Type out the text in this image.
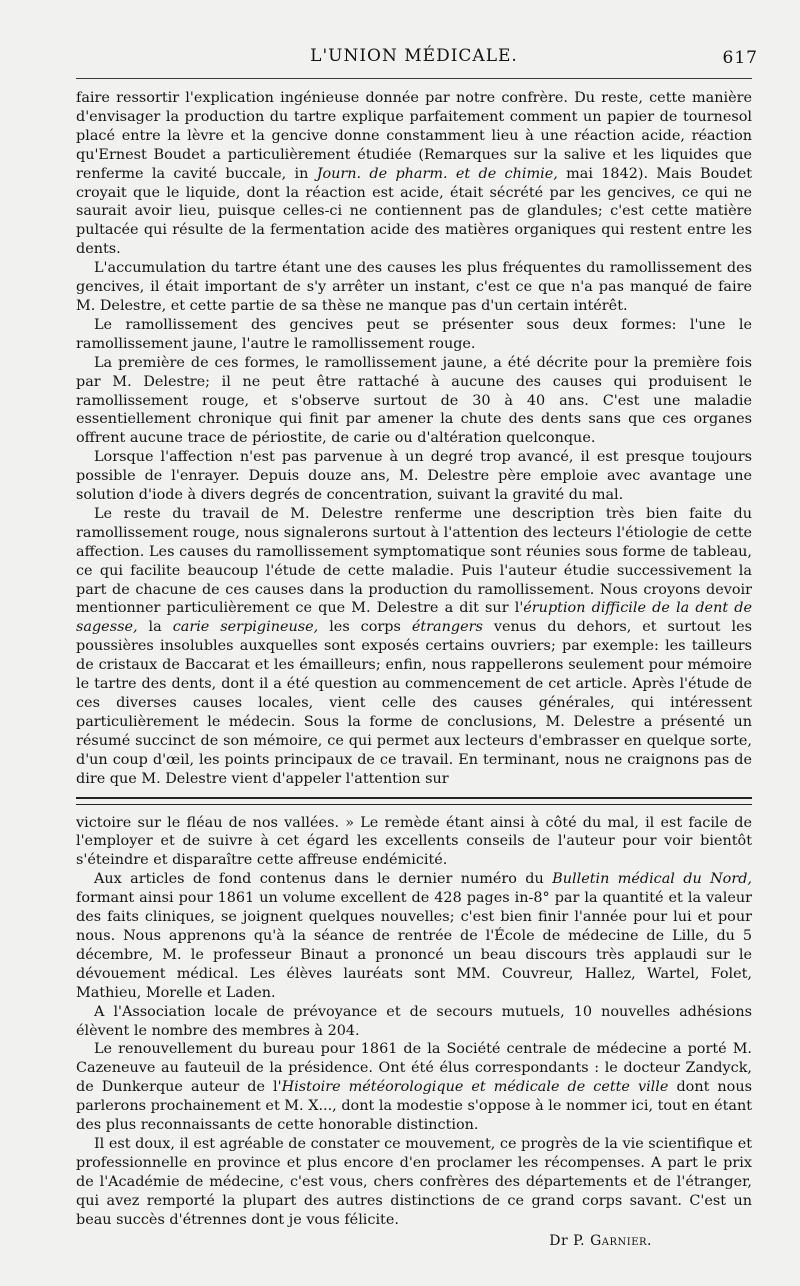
L'UNION MÉDICALE.	617

faire ressortir l'explication ingénieuse donnée par notre confrère. Du reste, cette manière d'envisager la production du tartre explique parfaitement comment un papier de tournesol placé entre la lèvre et la gencive donne constamment lieu à une réaction acide, réaction qu'Ernest Boudet a particulièrement étudiée (Remarques sur la salive et les liquides que renferme la cavité buccale, in Journ. de pharm. et de chimie, mai 1842). Mais Boudet croyait que le liquide, dont la réaction est acide, était sécrété par les gencives, ce qui ne saurait avoir lieu, puisque celles-ci ne contiennent pas de glandules; c'est cette matière pultacée qui résulte de la fermentation acide des matières organiques qui restent entre les dents.

L'accumulation du tartre étant une des causes les plus fréquentes du ramollissement des gencives, il était important de s'y arrêter un instant, c'est ce que n'a pas manqué de faire M. Delestre, et cette partie de sa thèse ne manque pas d'un certain intérêt.

Le ramollissement des gencives peut se présenter sous deux formes: l'une le ramollissement jaune, l'autre le ramollissement rouge.

La première de ces formes, le ramollissement jaune, a été décrite pour la première fois par M. Delestre; il ne peut être rattaché à aucune des causes qui produisent le ramollissement rouge, et s'observe surtout de 30 à 40 ans. C'est une maladie essentiellement chronique qui finit par amener la chute des dents sans que ces organes offrent aucune trace de périostite, de carie ou d'altération quelconque.

Lorsque l'affection n'est pas parvenue à un degré trop avancé, il est presque toujours possible de l'enrayer. Depuis douze ans, M. Delestre père emploie avec avantage une solution d'iode à divers degrés de concentration, suivant la gravité du mal.

Le reste du travail de M. Delestre renferme une description très bien faite du ramollissement rouge, nous signalerons surtout à l'attention des lecteurs l'étiologie de cette affection. Les causes du ramollissement symptomatique sont réunies sous forme de tableau, ce qui facilite beaucoup l'étude de cette maladie. Puis l'auteur étudie successivement la part de chacune de ces causes dans la production du ramollissement. Nous croyons devoir mentionner particulièrement ce que M. Delestre a dit sur l'éruption difficile de la dent de sagesse, la carie serpigineuse, les corps étrangers venus du dehors, et surtout les poussières insolubles auxquelles sont exposés certains ouvriers; par exemple: les tailleurs de cristaux de Baccarat et les émailleurs; enfin, nous rappellerons seulement pour mémoire le tartre des dents, dont il a été question au commencement de cet article. Après l'étude de ces diverses causes locales, vient celle des causes générales, qui intéressent particulièrement le médecin. Sous la forme de conclusions, M. Delestre a présenté un résumé succinct de son mémoire, ce qui permet aux lecteurs d'embrasser en quelque sorte, d'un coup d'œil, les points principaux de ce travail. En terminant, nous ne craignons pas de dire que M. Delestre vient d'appeler l'attention sur

victoire sur le fléau de nos vallées. » Le remède étant ainsi à côté du mal, il est facile de l'employer et de suivre à cet égard les excellents conseils de l'auteur pour voir bientôt s'éteindre et disparaître cette affreuse endémicité.

Aux articles de fond contenus dans le dernier numéro du Bulletin médical du Nord, formant ainsi pour 1861 un volume excellent de 428 pages in-8° par la quantité et la valeur des faits cliniques, se joignent quelques nouvelles; c'est bien finir l'année pour lui et pour nous. Nous apprenons qu'à la séance de rentrée de l'École de médecine de Lille, du 5 décembre, M. le professeur Binaut a prononcé un beau discours très applaudi sur le dévouement médical. Les élèves lauréats sont MM. Couvreur, Hallez, Wartel, Folet, Mathieu, Morelle et Laden.

A l'Association locale de prévoyance et de secours mutuels, 10 nouvelles adhésions élèvent le nombre des membres à 204.

Le renouvellement du bureau pour 1861 de la Société centrale de médecine a porté M. Cazeneuve au fauteuil de la présidence. Ont été élus correspondants : le docteur Zandyck, de Dunkerque auteur de l'Histoire météorologique et médicale de cette ville dont nous parlerons prochainement et M. X..., dont la modestie s'oppose à le nommer ici, tout en étant des plus reconnaissants de cette honorable distinction.

Il est doux, il est agréable de constater ce mouvement, ce progrès de la vie scientifique et professionnelle en province et plus encore d'en proclamer les récompenses. A part le prix de l'Académie de médecine, c'est vous, chers confrères des départements et de l'étranger, qui avez remporté la plupart des autres distinctions de ce grand corps savant. C'est un beau succès d'étrennes dont je vous félicite.

Dr P. Garnier.
